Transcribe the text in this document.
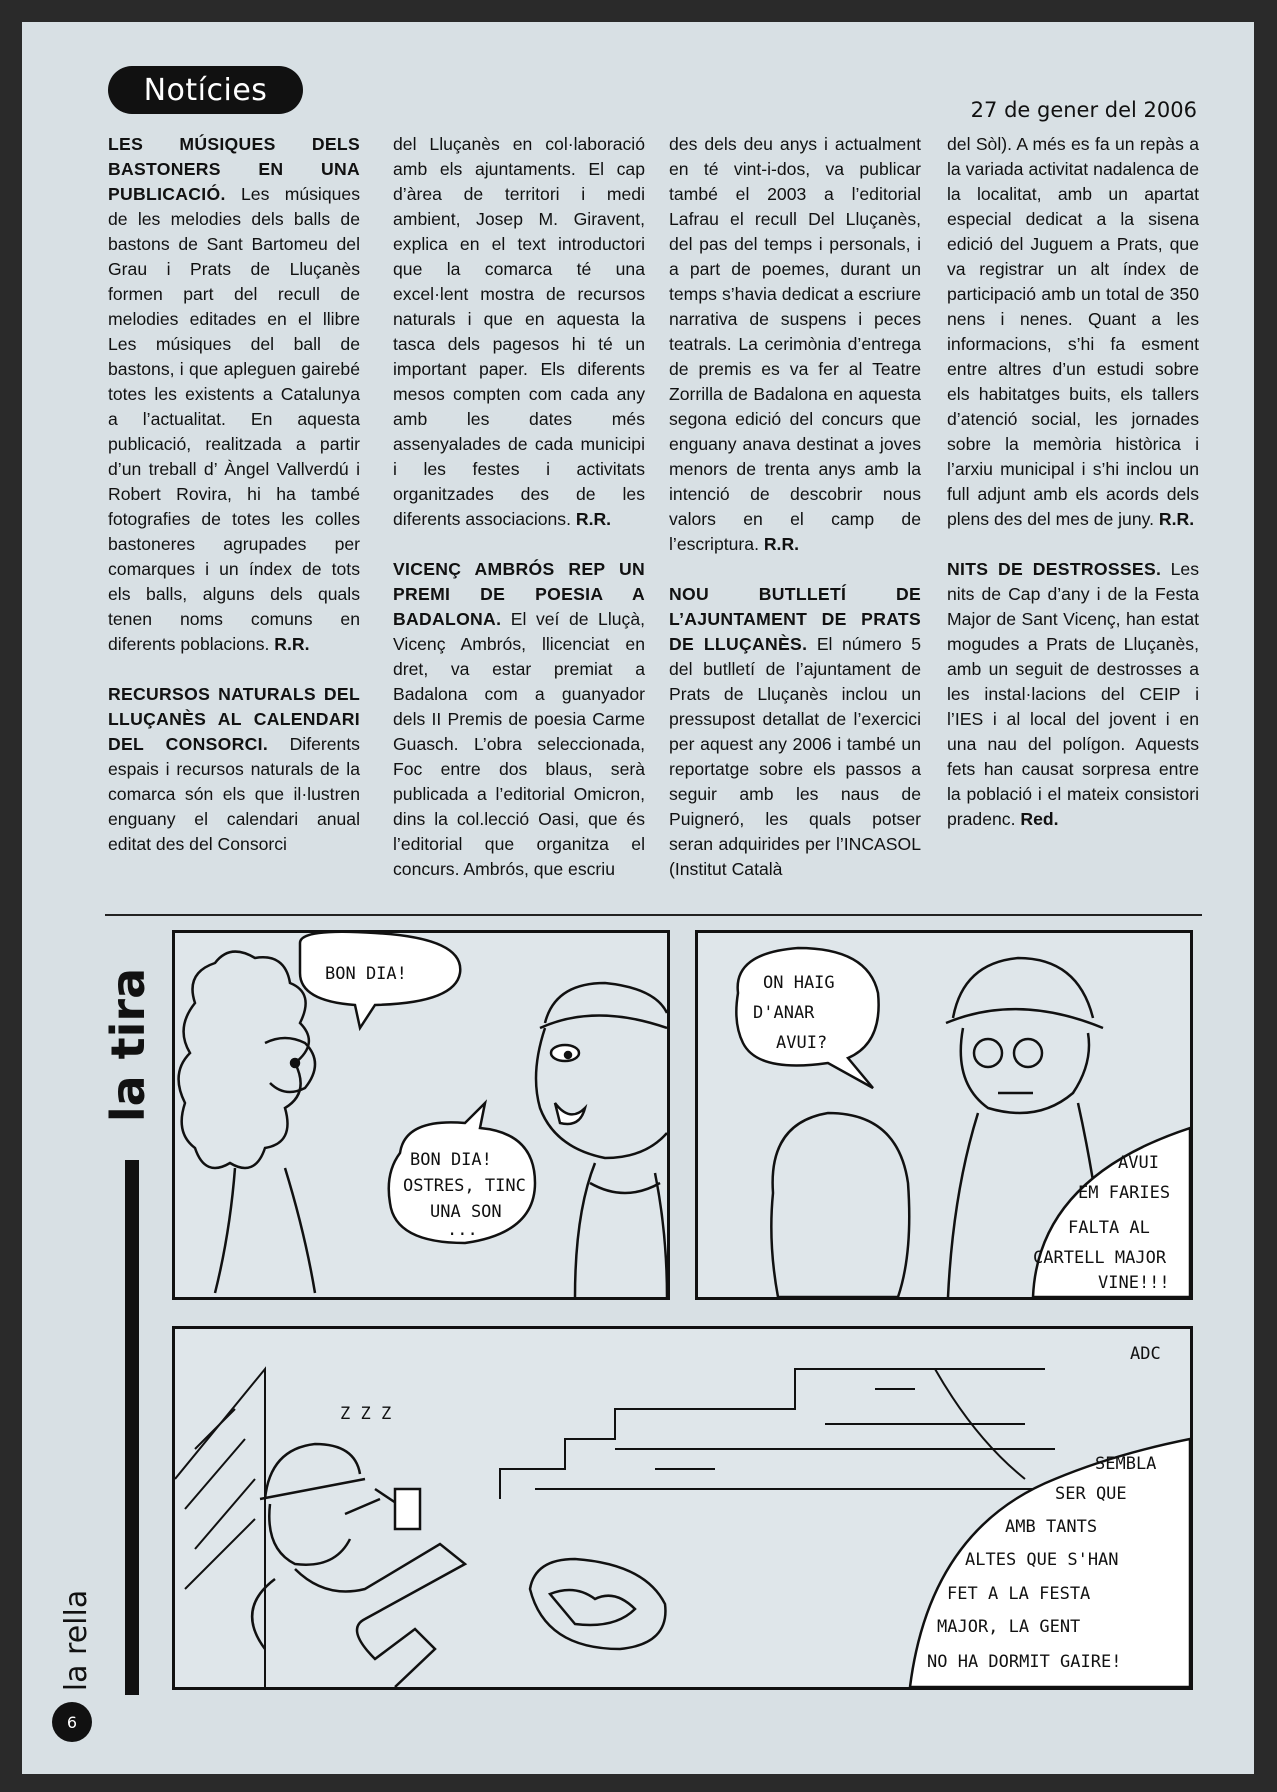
Notícies
27 de gener del 2006

LES MÚSIQUES DELS BASTONERS EN UNA PUBLICACIÓ. Les músiques de les melodies dels balls de bastons de Sant Bartomeu del Grau i Prats de Lluçanès formen part del recull de melodies editades en el llibre Les músiques del ball de bastons, i que apleguen gairebé totes les existents a Catalunya a l’actualitat. En aquesta publicació, realitzada a partir d’un treball d’ Àngel Vallverdú i Robert Rovira, hi ha també fotografies de totes les colles bastoneres agrupades per comarques i un índex de tots els balls, alguns dels quals tenen noms comuns en diferents poblacions. R.R.

RECURSOS NATURALS DEL LLUÇANÈS AL CALENDARI DEL CONSORCI. Diferents espais i recursos naturals de la comarca són els que il·lustren enguany el calendari anual editat des del Consorci

del Lluçanès en col·laboració amb els ajuntaments. El cap d’àrea de territori i medi ambient, Josep M. Giravent, explica en el text introductori que la comarca té una excel·lent mostra de recursos naturals i que en aquesta la tasca dels pagesos hi té un important paper. Els diferents mesos compten com cada any amb les dates més assenyalades de cada municipi i les festes i activitats organitzades des de les diferents associacions. R.R.

VICENÇ AMBRÓS REP UN PREMI DE POESIA A BADALONA. El veí de Lluçà, Vicenç Ambrós, llicenciat en dret, va estar premiat a Badalona com a guanyador dels II Premis de poesia Carme Guasch. L’obra seleccionada, Foc entre dos blaus, serà publicada a l’editorial Omicron, dins la col.lecció Oasi, que és l’editorial que organitza el concurs. Ambrós, que escriu

des dels deu anys i actualment en té vint-i-dos, va publicar també el 2003 a l’editorial Lafrau el recull Del Lluçanès, del pas del temps i personals, i a part de poemes, durant un temps s’havia dedicat a escriure narrativa de suspens i peces teatrals. La cerimònia d’entrega de premis es va fer al Teatre Zorrilla de Badalona en aquesta segona edició del concurs que enguany anava destinat a joves menors de trenta anys amb la intenció de descobrir nous valors en el camp de l’escriptura. R.R.

NOU BUTLLETÍ DE L’AJUNTAMENT DE PRATS DE LLUÇANÈS. El número 5 del butlletí de l’ajuntament de Prats de Lluçanès inclou un pressupost detallat de l’exercici per aquest any 2006 i també un reportatge sobre els passos a seguir amb les naus de Puigneró, les quals potser seran adquirides per l’INCASOL (Institut Català

del Sòl). A més es fa un repàs a la variada activitat nadalenca de la localitat, amb un apartat especial dedicat a la sisena edició del Juguem a Prats, que va registrar un alt índex de participació amb un total de 350 nens i nenes. Quant a les informacions, s’hi fa esment entre altres d’un estudi sobre els habitatges buits, els tallers d’atenció social, les jornades sobre la memòria històrica i l’arxiu municipal i s’hi inclou un full adjunt amb els acords dels plens des del mes de juny. R.R.

NITS DE DESTROSSES. Les nits de Cap d’any i de la Festa Major de Sant Vicenç, han estat mogudes a Prats de Lluçanès, amb un seguit de destrosses a les instal·lacions del CEIP i l’IES i al local del jovent i en una nau del polígon. Aquests fets han causat sorpresa entre la població i el mateix consistori pradenc. Red.

la tira	BON DIA!
BON DIA!
OSTRES, TINC
UNA SON
...
ON HAIG
D'ANAR
AVUI?
AVUI
EM FARIES
FALTA AL
CARTELL MAJOR
VINE!!!
Z Z Z
ADC
SEMBLA
SER QUE
AMB TANTS
ALTES QUE S'HAN
FET A LA FESTA
MAJOR, LA GENT
NO HA DORMIT GAIRE!
la rella
6
